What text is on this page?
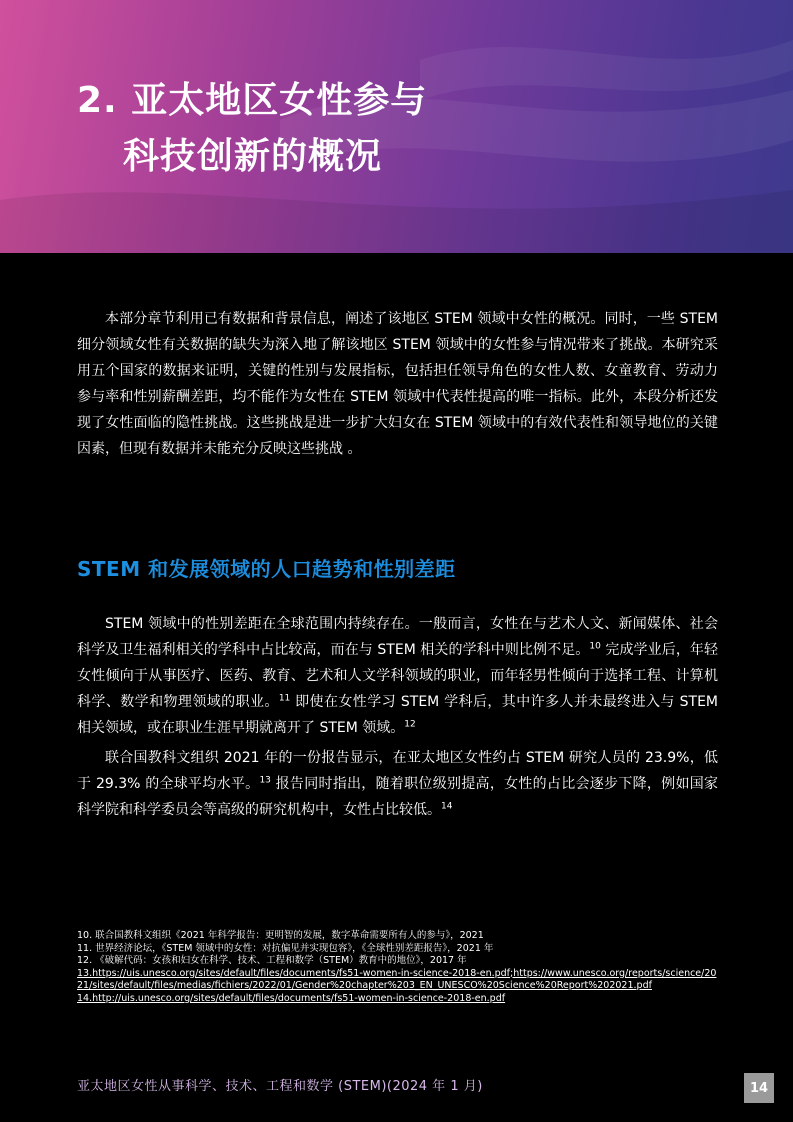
2. 亚太地区女性参与
科技创新的概况

本部分章节利用已有数据和背景信息，阐述了该地区 STEM 领域中女性的概况。同时，一些 STEM 细分领域女性有关数据的缺失为深入地了解该地区 STEM 领域中的女性参与情况带来了挑战。本研究采用五个国家的数据来证明，关键的性别与发展指标，包括担任领导角色的女性人数、女童教育、劳动力参与率和性别薪酬差距，均不能作为女性在 STEM 领域中代表性提高的唯一指标。此外，本段分析还发现了女性面临的隐性挑战。这些挑战是进一步扩大妇女在 STEM 领域中的有效代表性和领导地位的关键因素，但现有数据并未能充分反映这些挑战 。

STEM 和发展领域的人口趋势和性别差距

STEM 领域中的性别差距在全球范围内持续存在。一般而言，女性在与艺术人文、新闻媒体、社会科学及卫生福利相关的学科中占比较高，而在与 STEM 相关的学科中则比例不足。$^{10}$ 完成学业后，年轻女性倾向于从事医疗、医药、教育、艺术和人文学科领域的职业，而年轻男性倾向于选择工程、计算机科学、数学和物理领域的职业。$^{11}$ 即使在女性学习 STEM 学科后，其中许多人并未最终进入与 STEM 相关领域，或在职业生涯早期就离开了 STEM 领域。$^{12}$

联合国教科文组织 2021 年的一份报告显示，在亚太地区女性约占 STEM 研究人员的 23.9%，低于 29.3% 的全球平均水平。$^{13}$ 报告同时指出，随着职位级别提高，女性的占比会逐步下降，例如国家科学院和科学委员会等高级的研究机构中，女性占比较低。$^{14}$

10. 联合国教科文组织《2021 年科学报告：更明智的发展，数字革命需要所有人的参与》，2021
11. 世界经济论坛，《STEM 领域中的女性：对抗偏见并实现包容》，《全球性别差距报告》，2021 年
12. 《破解代码：女孩和妇女在科学、技术、工程和数学（STEM）教育中的地位》，2017 年
13.https://uis.unesco.org/sites/default/files/documents/fs51-women-in-science-2018-en.pdf;https://www.unesco.org/reports/science/2021/sites/default/files/medias/fichiers/2022/01/Gender%20chapter%203_EN_UNESCO%20Science%20Report%202021.pdf
14.http://uis.unesco.org/sites/default/files/documents/fs51-women-in-science-2018-en.pdf
亚太地区女性从事科学、技术、工程和数学 (STEM)(2024 年 1 月)	14
